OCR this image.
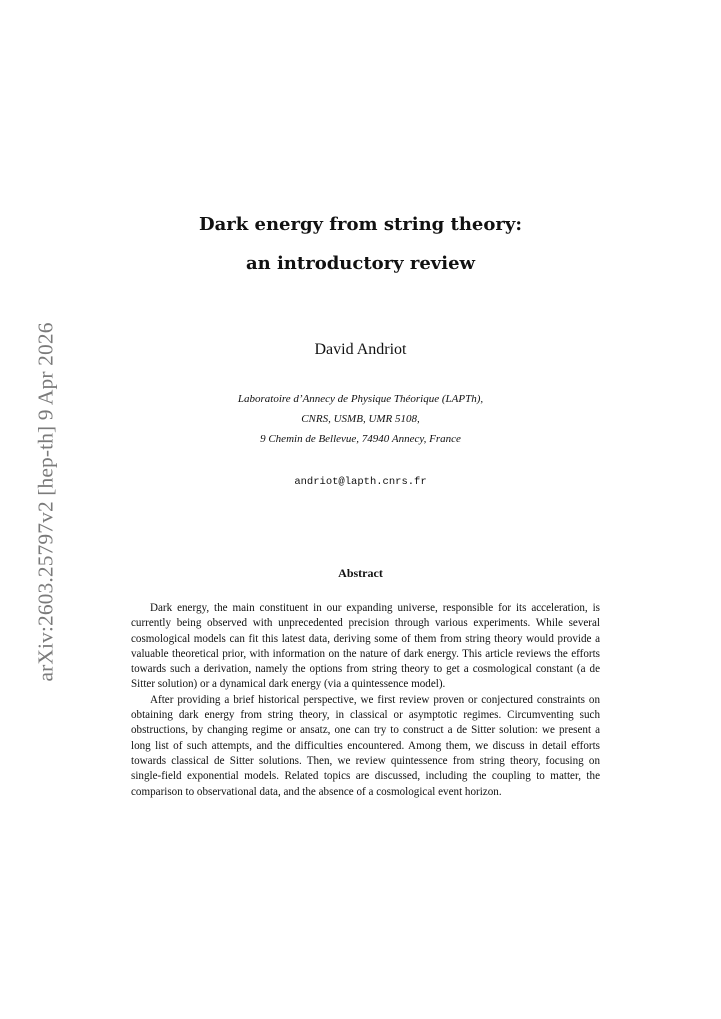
arXiv:2603.25797v2 [hep-th] 9 Apr 2026
Dark energy from string theory:
an introductory review
David Andriot
Laboratoire d’Annecy de Physique Théorique (LAPTh),
CNRS, USMB, UMR 5108,
9 Chemin de Bellevue, 74940 Annecy, France
andriot@lapth.cnrs.fr
Abstract

Dark energy, the main constituent in our expanding universe, responsible for its acceleration, is currently being observed with unprecedented precision through various experiments. While several cosmological models can fit this latest data, deriving some of them from string theory would provide a valuable theoretical prior, with information on the nature of dark energy. This article reviews the efforts towards such a derivation, namely the options from string theory to get a cosmological constant (a de Sitter solution) or a dynamical dark energy (via a quintessence model).

After providing a brief historical perspective, we first review proven or conjectured constraints on obtaining dark energy from string theory, in classical or asymptotic regimes. Circumventing such obstructions, by changing regime or ansatz, one can try to construct a de Sitter solution: we present a long list of such attempts, and the difficulties encountered. Among them, we discuss in detail efforts towards classical de Sitter solutions. Then, we review quintessence from string theory, focusing on single-field exponential models. Related topics are discussed, including the coupling to matter, the comparison to observational data, and the absence of a cosmological event horizon.
